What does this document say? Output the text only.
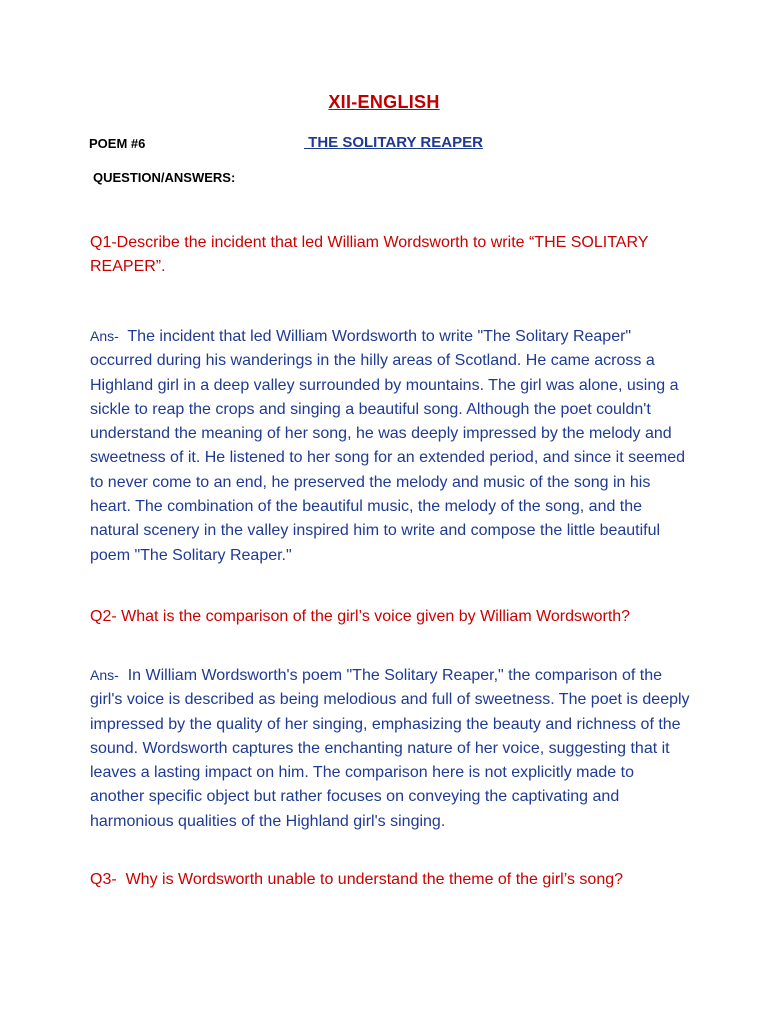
XII-ENGLISH
POEM #6	THE SOLITARY REAPER
QUESTION/ANSWERS:

Q1-Describe the incident that led William Wordsworth to write “THE SOLITARY REAPER”.

Ans-  The incident that led William Wordsworth to write "The Solitary Reaper" occurred during his wanderings in the hilly areas of Scotland. He came across a Highland girl in a deep valley surrounded by mountains. The girl was alone, using a sickle to reap the crops and singing a beautiful song. Although the poet couldn't understand the meaning of her song, he was deeply impressed by the melody and sweetness of it. He listened to her song for an extended period, and since it seemed to never come to an end, he preserved the melody and music of the song in his heart. The combination of the beautiful music, the melody of the song, and the natural scenery in the valley inspired him to write and compose the little beautiful poem "The Solitary Reaper."

Q2- What is the comparison of the girl’s voice given by William Wordsworth?

Ans-  In William Wordsworth's poem "The Solitary Reaper," the comparison of the girl's voice is described as being melodious and full of sweetness. The poet is deeply impressed by the quality of her singing, emphasizing the beauty and richness of the sound. Wordsworth captures the enchanting nature of her voice, suggesting that it leaves a lasting impact on him. The comparison here is not explicitly made to another specific object but rather focuses on conveying the captivating and harmonious qualities of the Highland girl's singing.

Q3-  Why is Wordsworth unable to understand the theme of the girl’s song?
